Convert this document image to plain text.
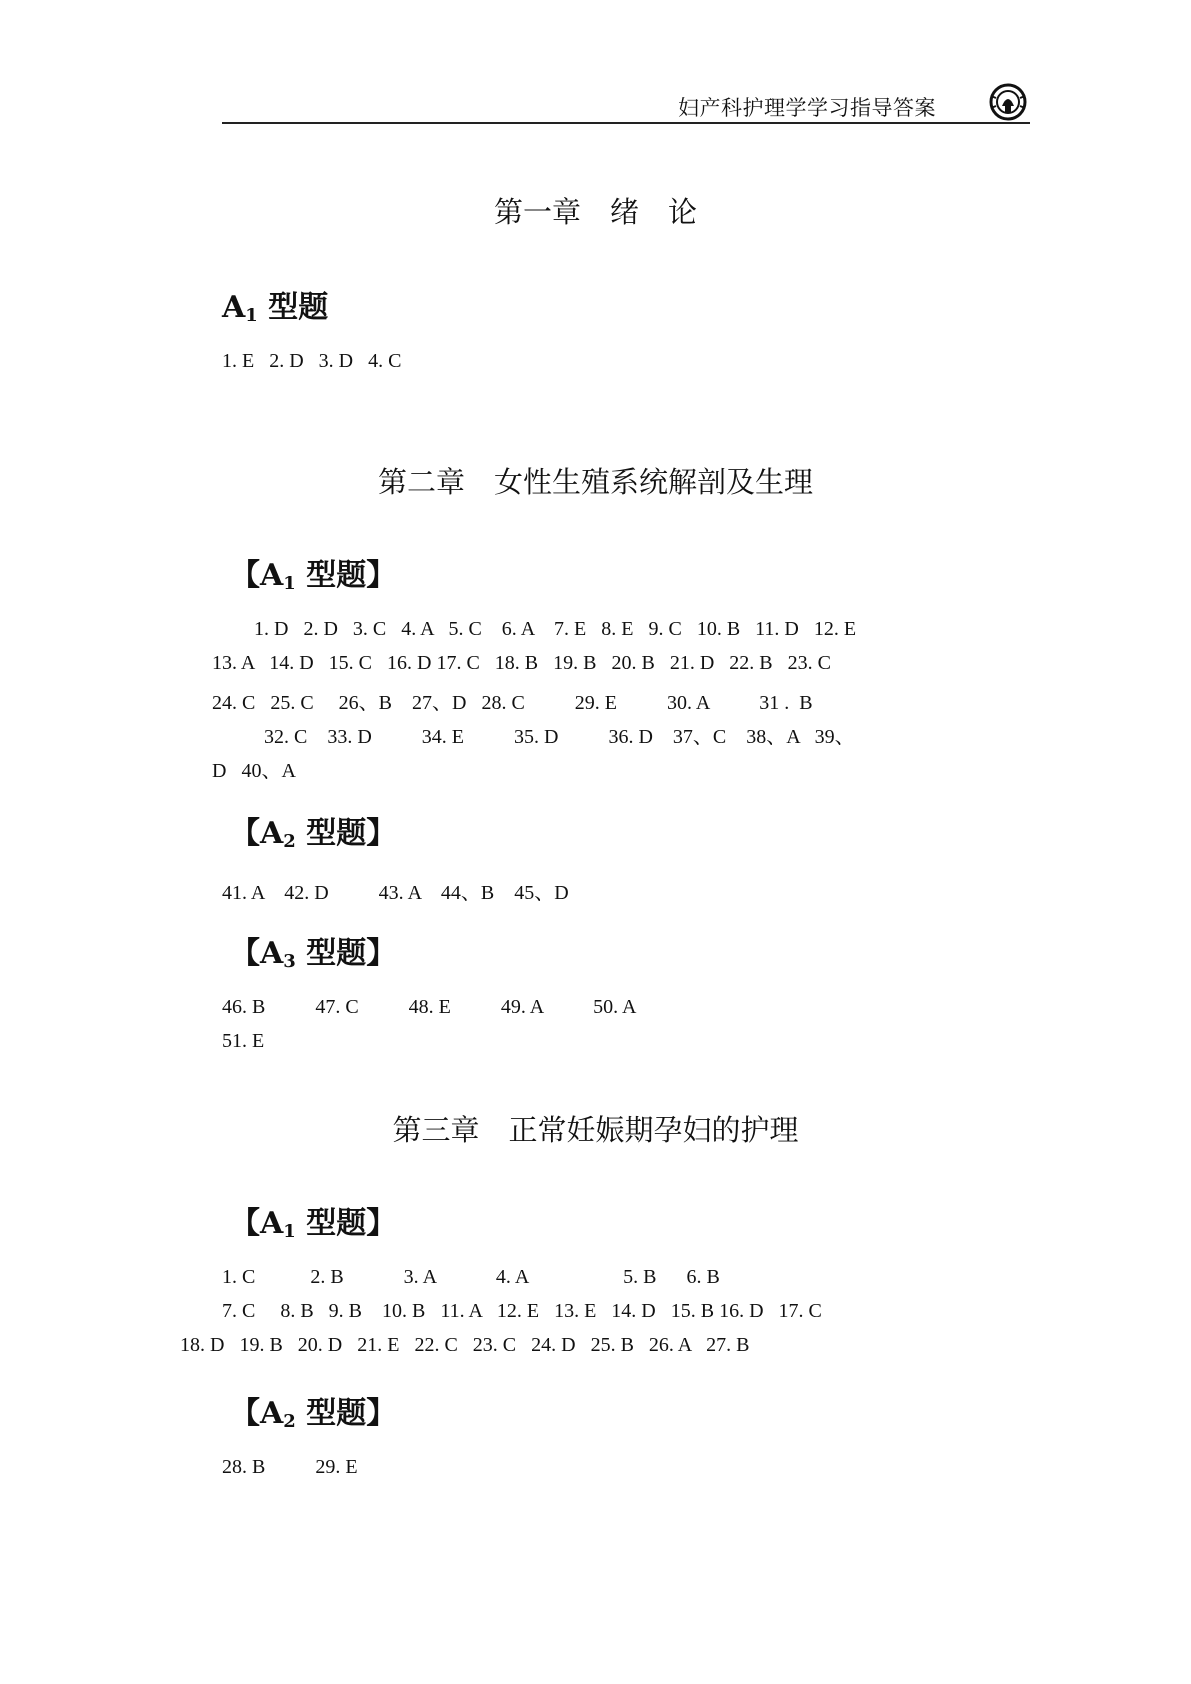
妇产科护理学学习指导答案
第一章　绪　论
$A_1$ 型题
1. E   2. D   3. D   4. C
第二章　女性生殖系统解剖及生理
【$A_1$ 型题】
1. D   2. D   3. C   4. A   5. C    6. A    7. E   8. E   9. C   10. B   11. D   12. E
13. A   14. D   15. C   16. D 17. C   18. B   19. B   20. B   21. D   22. B   23. C
24. C   25. C     26、B    27、D   28. C          29. E          30. A          31 .  B
32. C    33. D          34. E          35. D          36. D    37、C    38、A   39、
D   40、A
【$A_2$ 型题】
41. A    42. D          43. A    44、B    45、D
【$A_3$ 型题】
46. B          47. C          48. E          49. A          50. A
51. E
第三章　正常妊娠期孕妇的护理
【$A_1$ 型题】
1. C           2. B            3. A            4. A                   5. B      6. B
7. C     8. B   9. B    10. B   11. A   12. E   13. E   14. D   15. B 16. D   17. C
18. D   19. B   20. D   21. E   22. C   23. C   24. D   25. B   26. A   27. B
【$A_2$ 型题】
28. B          29. E
